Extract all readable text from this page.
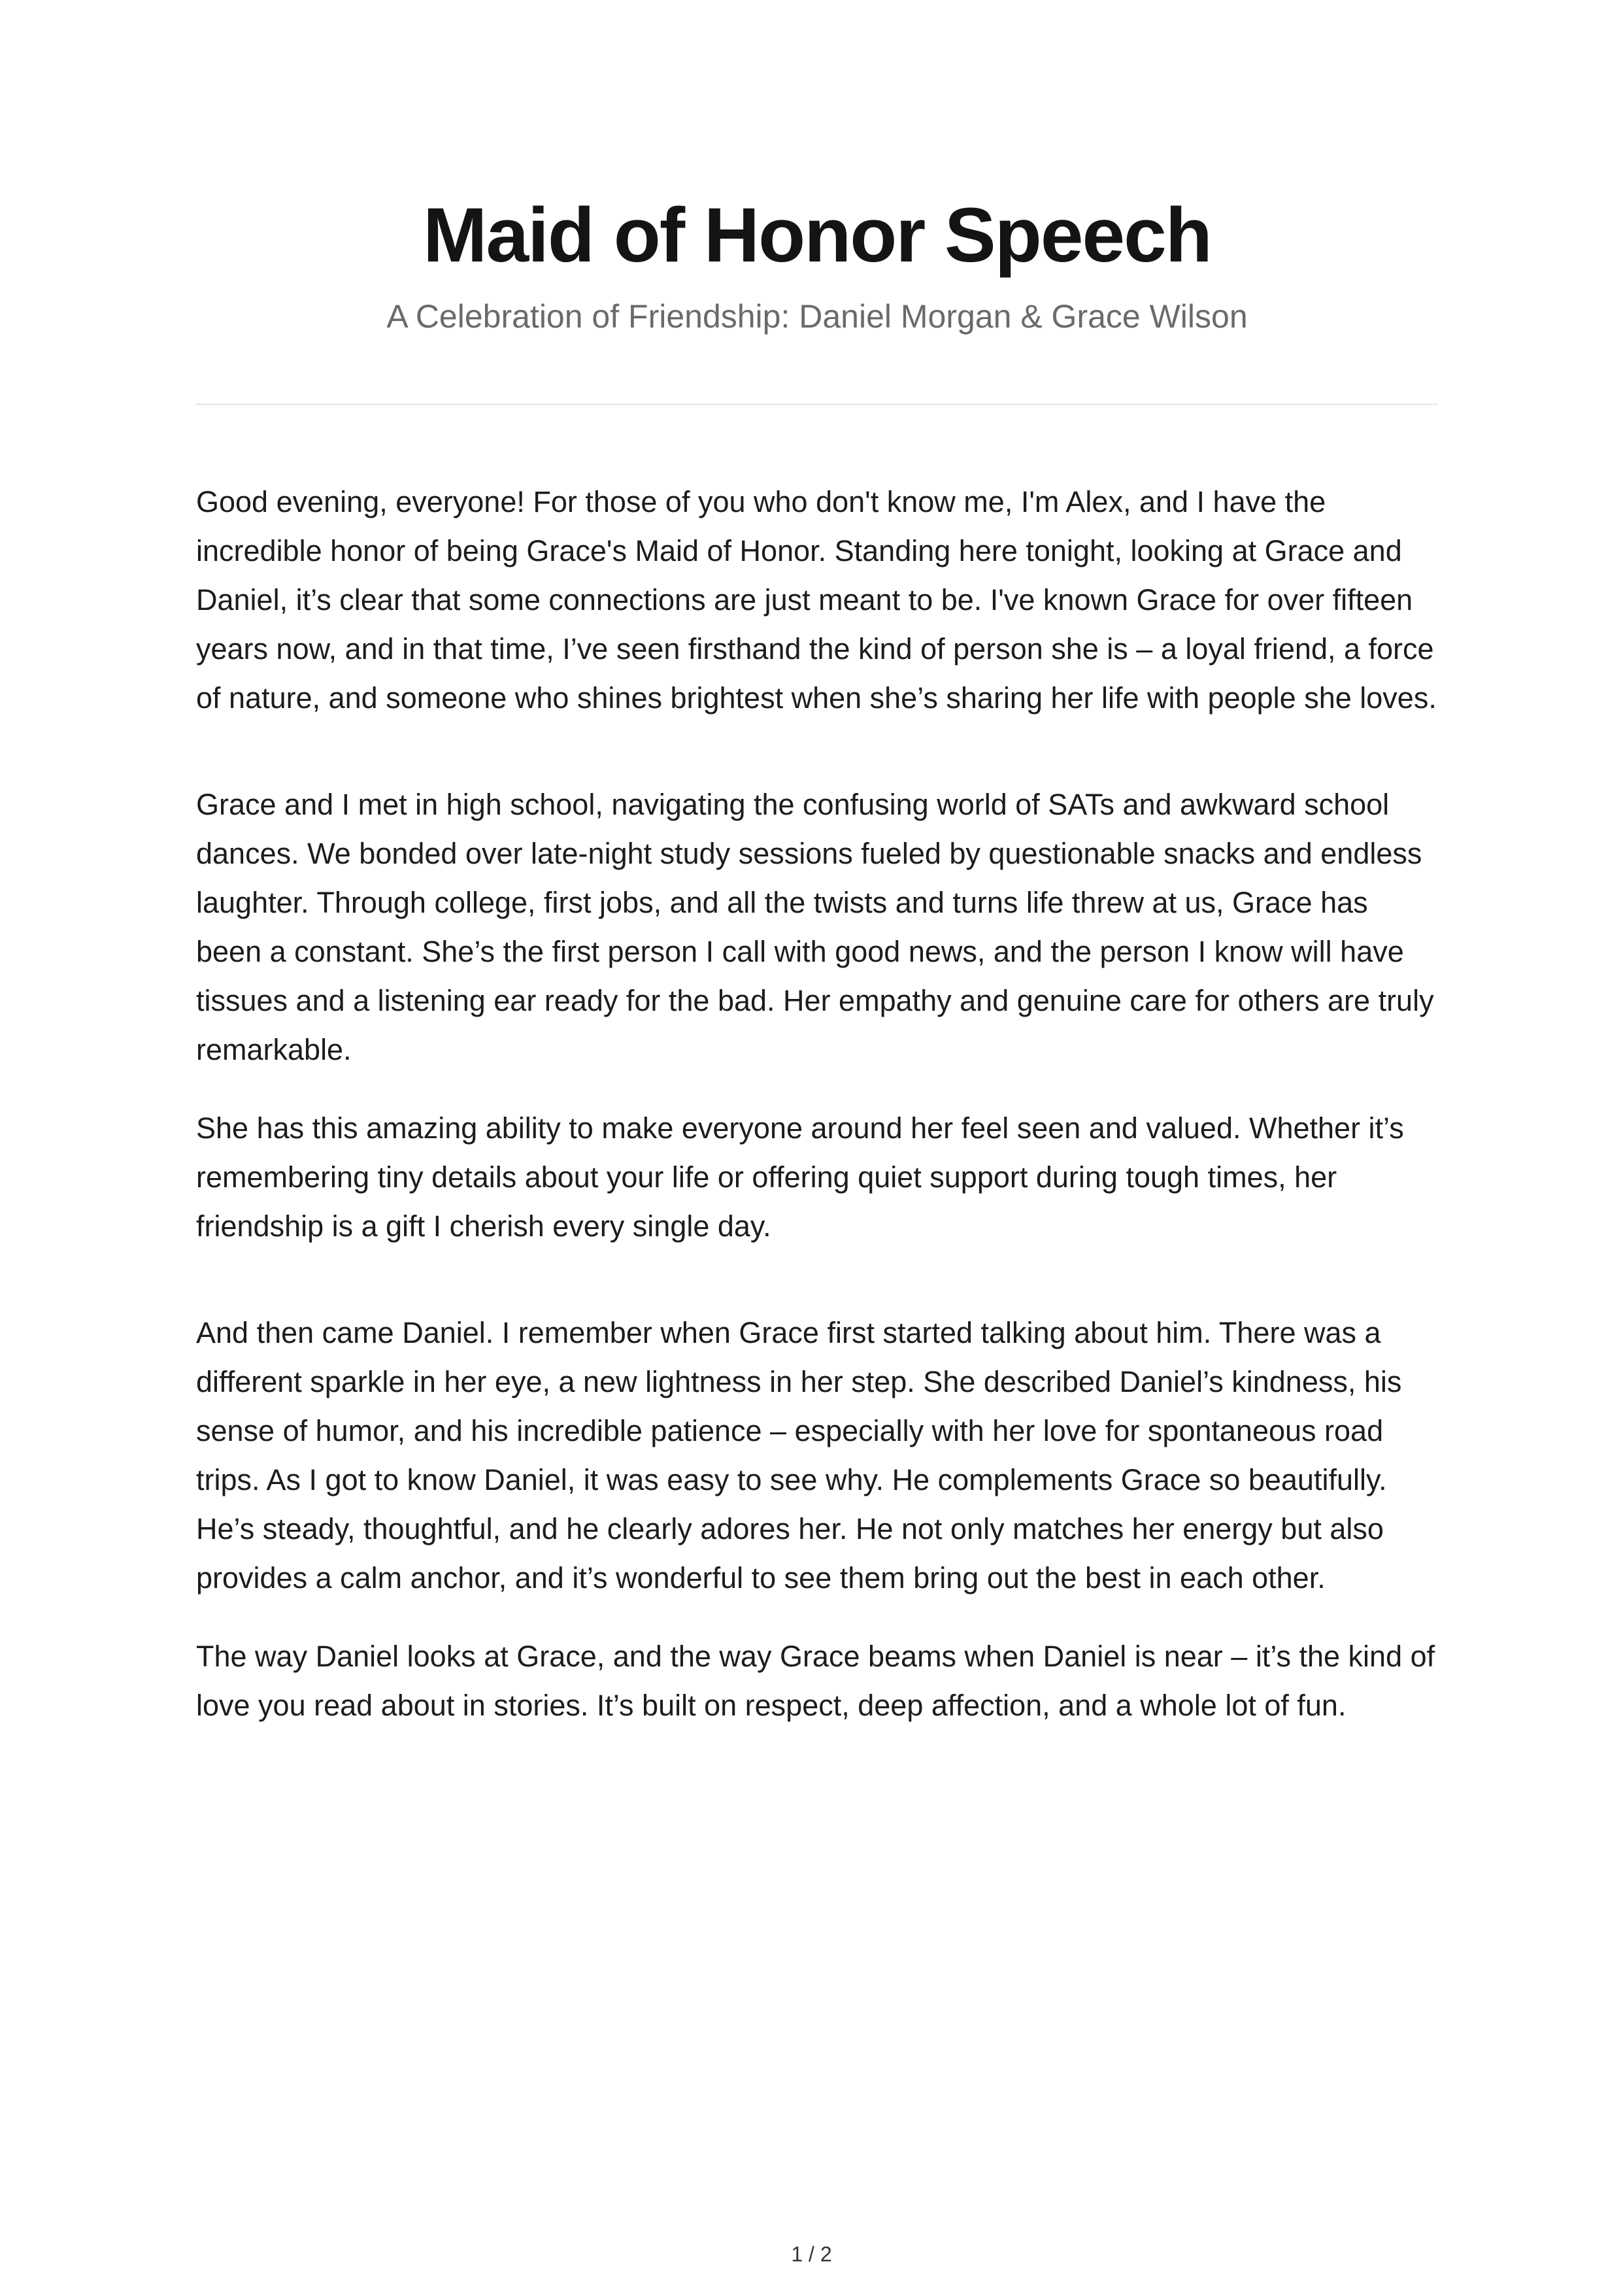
Maid of Honor Speech

A Celebration of Friendship: Daniel Morgan & Grace Wilson

Good evening, everyone! For those of you who don't know me, I'm Alex, and I have the incredible honor of being Grace's Maid of Honor. Standing here tonight, looking at Grace and Daniel, it’s clear that some connections are just meant to be. I've known Grace for over fifteen years now, and in that time, I’ve seen firsthand the kind of person she is – a loyal friend, a force of nature, and someone who shines brightest when she’s sharing her life with people she loves.

Grace and I met in high school, navigating the confusing world of SATs and awkward school dances. We bonded over late-night study sessions fueled by questionable snacks and endless laughter. Through college, first jobs, and all the twists and turns life threw at us, Grace has been a constant. She’s the first person I call with good news, and the person I know will have tissues and a listening ear ready for the bad. Her empathy and genuine care for others are truly remarkable.

She has this amazing ability to make everyone around her feel seen and valued. Whether it’s remembering tiny details about your life or offering quiet support during tough times, her friendship is a gift I cherish every single day.

And then came Daniel. I remember when Grace first started talking about him. There was a different sparkle in her eye, a new lightness in her step. She described Daniel’s kindness, his sense of humor, and his incredible patience – especially with her love for spontaneous road trips. As I got to know Daniel, it was easy to see why. He complements Grace so beautifully. He’s steady, thoughtful, and he clearly adores her. He not only matches her energy but also provides a calm anchor, and it’s wonderful to see them bring out the best in each other.

The way Daniel looks at Grace, and the way Grace beams when Daniel is near – it’s the kind of love you read about in stories. It’s built on respect, deep affection, and a whole lot of fun.

1 / 2
